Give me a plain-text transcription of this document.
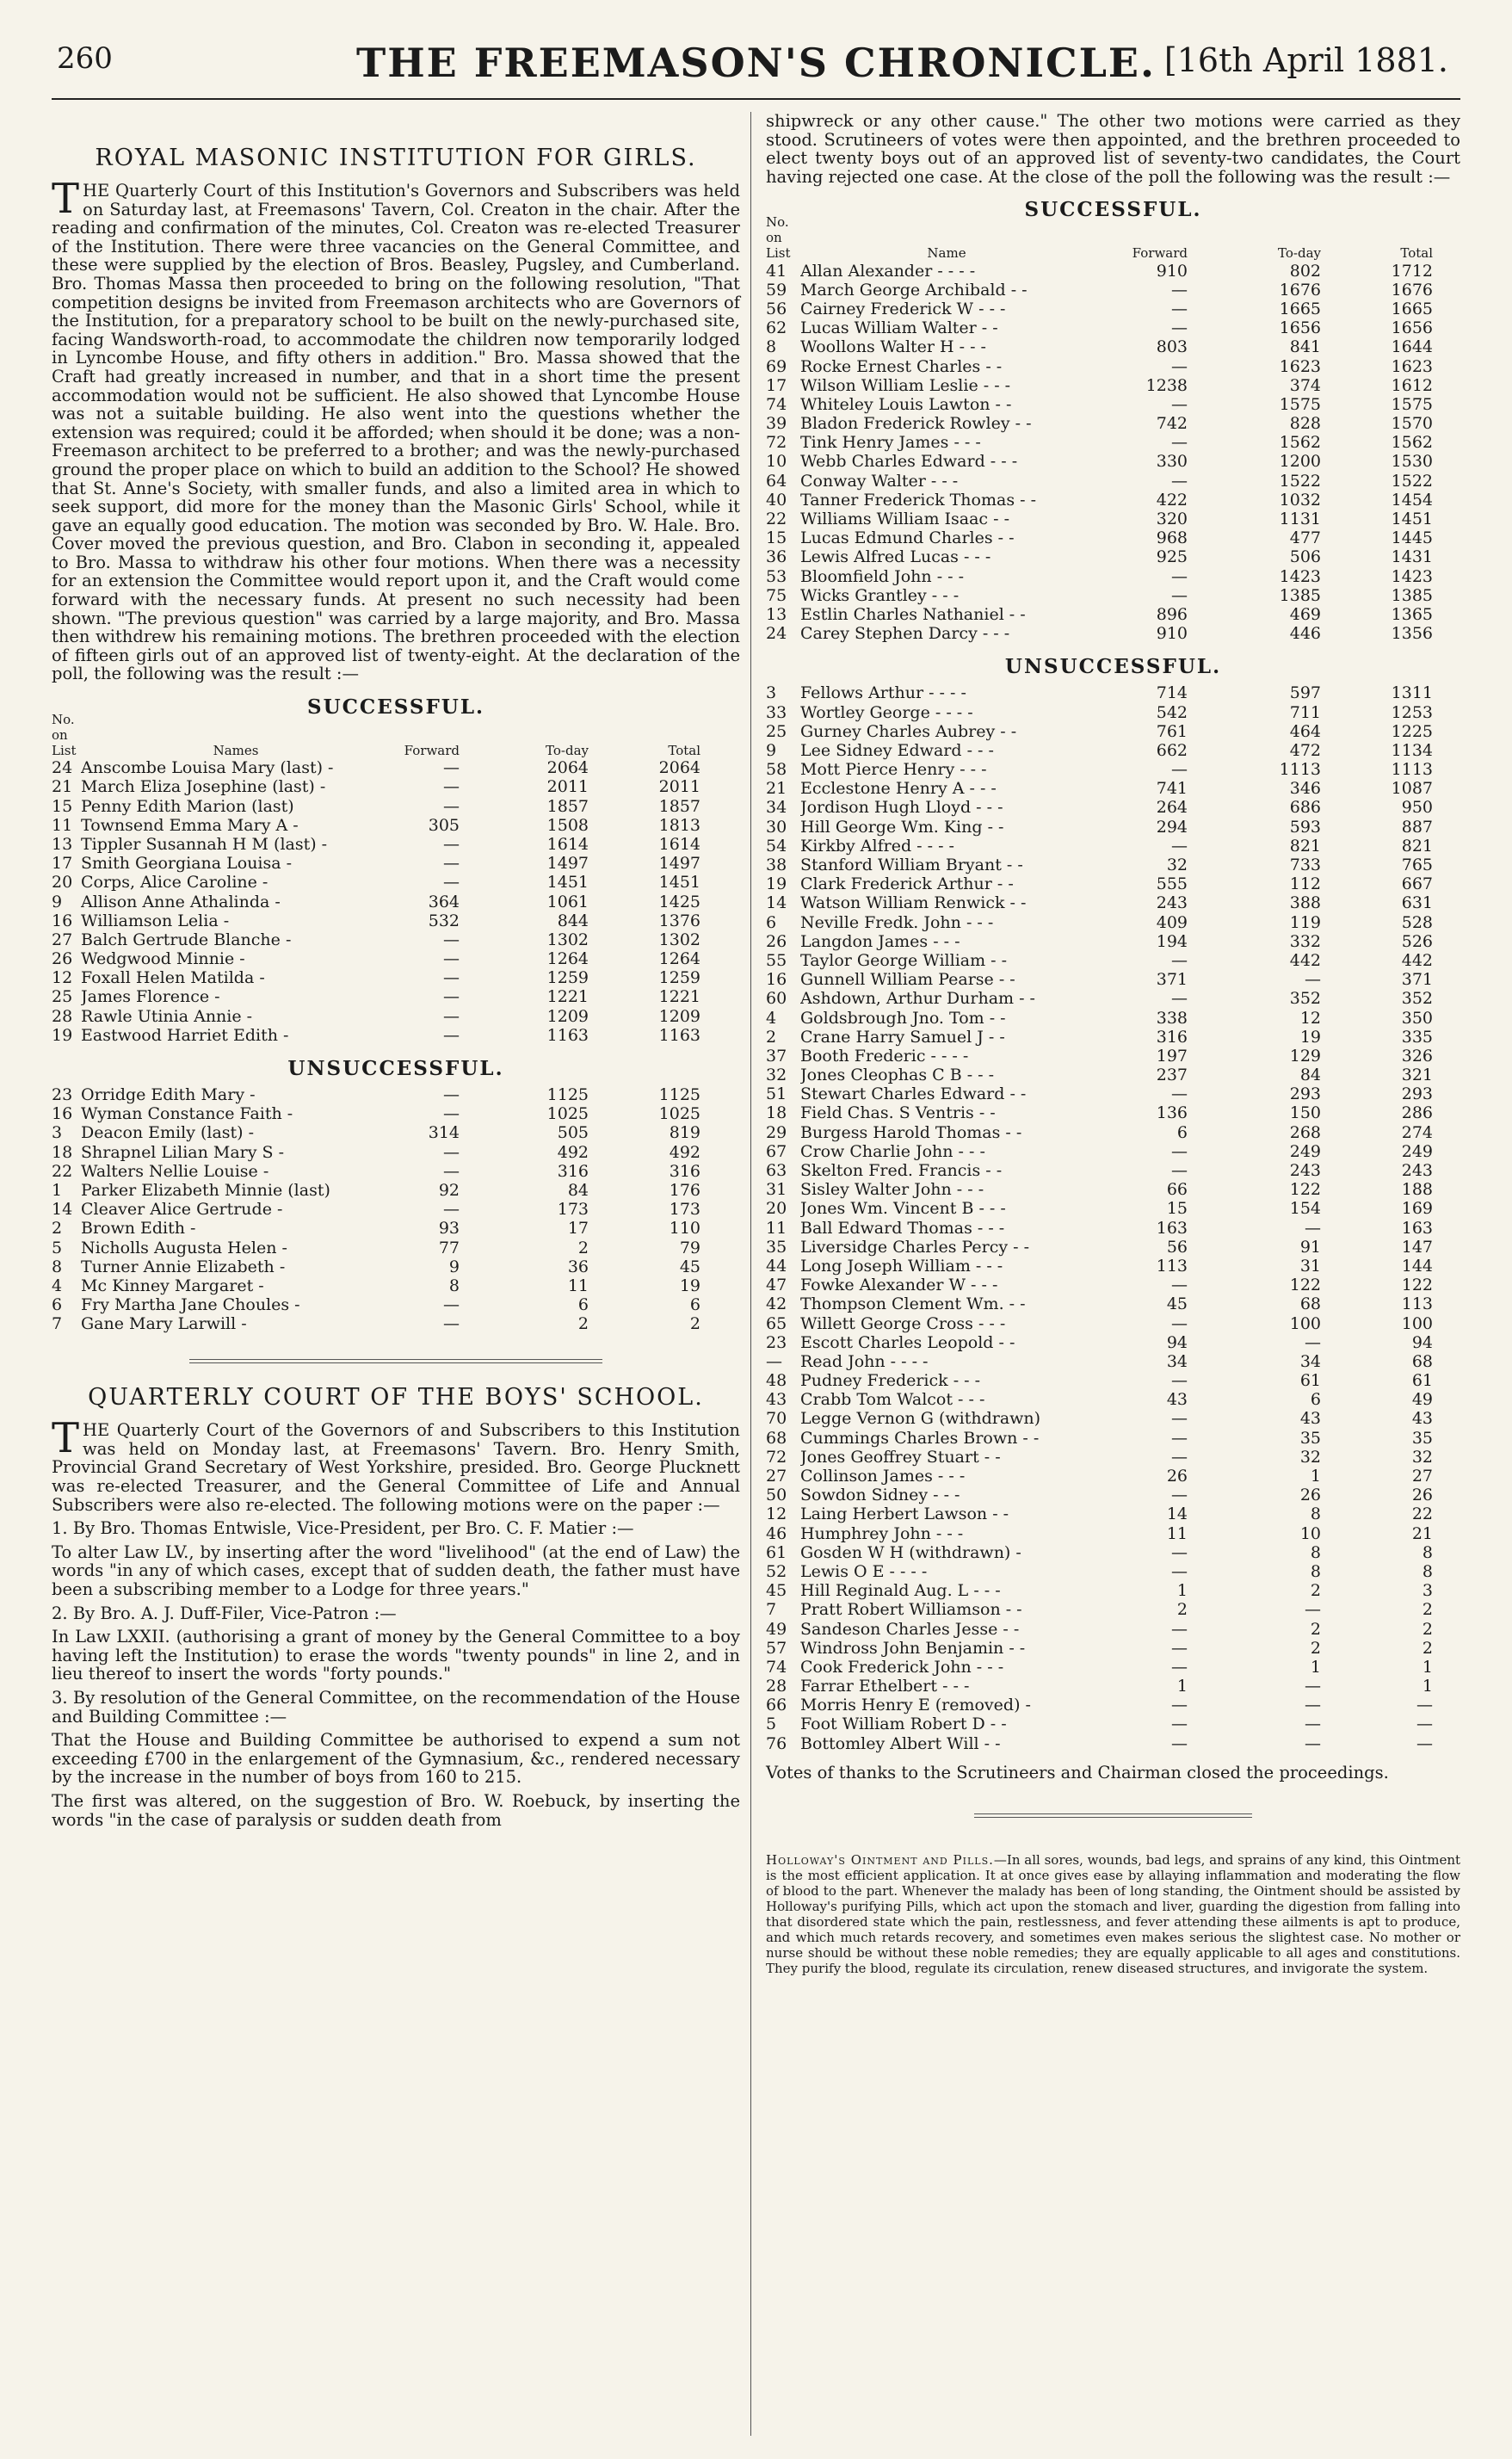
260	THE FREEMASON'S CHRONICLE. [16th April 1881.
ROYAL MASONIC INSTITUTION FOR GIRLS.

THE Quarterly Court of this Institution's Governors and Subscribers was held on Saturday last, at Freemasons' Tavern, Col. Creaton in the chair. After the reading and confirmation of the minutes, Col. Creaton was re-elected Treasurer of the Institution. There were three vacancies on the General Committee, and these were supplied by the election of Bros. Beasley, Pugsley, and Cumberland. Bro. Thomas Massa then proceeded to bring on the following resolution, "That competition designs be invited from Freemason architects who are Governors of the Institution, for a preparatory school to be built on the newly-purchased site, facing Wandsworth-road, to accommodate the children now temporarily lodged in Lyncombe House, and fifty others in addition." Bro. Massa showed that the Craft had greatly increased in number, and that in a short time the present accommodation would not be sufficient. He also showed that Lyncombe House was not a suitable building. He also went into the questions whether the extension was required; could it be afforded; when should it be done; was a non-Freemason architect to be preferred to a brother; and was the newly-purchased ground the proper place on which to build an addition to the School? He showed that St. Anne's Society, with smaller funds, and also a limited area in which to seek support, did more for the money than the Masonic Girls' School, while it gave an equally good education. The motion was seconded by Bro. W. Hale. Bro. Cover moved the previous question, and Bro. Clabon in seconding it, appealed to Bro. Massa to withdraw his other four motions. When there was a necessity for an extension the Committee would report upon it, and the Craft would come forward with the necessary funds. At present no such necessity had been shown. "The previous question" was carried by a large majority, and Bro. Massa then withdrew his remaining motions. The brethren proceeded with the election of fifteen girls out of an approved list of twenty-eight. At the declaration of the poll, the following was the result :—

SUCCESSFUL.
No. on List	Names	Forward	To-day	Total
24 Anscombe Louisa Mary (last) -	—	2064	2064
21 March Eliza Josephine (last) -	—	2011	2011
15 Penny Edith Marion (last)	—	1857	1857
11 Townsend Emma Mary A -	305	1508	1813
13 Tippler Susannah H M (last) -	—	1614	1614
17 Smith Georgiana Louisa -	—	1497	1497
20 Corps, Alice Caroline -	—	1451	1451
9	Allison Anne Athalinda -	364	1061	1425
16 Williamson Lelia -	532	844	1376
27 Balch Gertrude Blanche -	—	1302	1302
26 Wedgwood Minnie -	—	1264	1264
12 Foxall Helen Matilda -	—	1259	1259
25 James Florence -	—	1221	1221
28 Rawle Utinia Annie -	—	1209	1209
19 Eastwood Harriet Edith -	—	1163	1163
UNSUCCESSFUL.
23 Orridge Edith Mary -	—	1125	1125
16 Wyman Constance Faith -	—	1025	1025
3	Deacon Emily (last) -	314	505	819
18 Shrapnel Lilian Mary S -	—	492	492
22 Walters Nellie Louise -	—	316	316
1	Parker Elizabeth Minnie (last)	92	84	176
14 Cleaver Alice Gertrude -	—	173	173
2	Brown Edith -	93	17	110
5	Nicholls Augusta Helen -	77	2	79
8	Turner Annie Elizabeth -	9	36	45
4	Mc Kinney Margaret -	8	11	19
6	Fry Martha Jane Choules -	—	6	6
7	Gane Mary Larwill -	—	2	2
QUARTERLY COURT OF THE BOYS' SCHOOL.

THE Quarterly Court of the Governors of and Subscribers to this Institution was held on Monday last, at Freemasons' Tavern. Bro. Henry Smith, Provincial Grand Secretary of West Yorkshire, presided. Bro. George Plucknett was re-elected Treasurer, and the General Committee of Life and Annual Subscribers were also re-elected. The following motions were on the paper :—

1. By Bro. Thomas Entwisle, Vice-President, per Bro. C. F. Matier :—

To alter Law LV., by inserting after the word "livelihood" (at the end of Law) the words "in any of which cases, except that of sudden death, the father must have been a subscribing member to a Lodge for three years."

2. By Bro. A. J. Duff-Filer, Vice-Patron :—

In Law LXXII. (authorising a grant of money by the General Committee to a boy having left the Institution) to erase the words "twenty pounds" in line 2, and in lieu thereof to insert the words "forty pounds."

3. By resolution of the General Committee, on the recommendation of the House and Building Committee :—

That the House and Building Committee be authorised to expend a sum not exceeding £700 in the enlargement of the Gymnasium, &c., rendered necessary by the increase in the number of boys from 160 to 215.

The first was altered, on the suggestion of Bro. W. Roebuck, by inserting the words "in the case of paralysis or sudden death from

shipwreck or any other cause." The other two motions were carried as they stood. Scrutineers of votes were then appointed, and the brethren proceeded to elect twenty boys out of an approved list of seventy-two candidates, the Court having rejected one case. At the close of the poll the following was the result :—

SUCCESSFUL.
No. on List	Name	Forward	To-day	Total
41 Allan Alexander - - - -	910	802	1712
59 March George Archibald - -	—	1676	1676
56 Cairney Frederick W - - -	—	1665	1665
62 Lucas William Walter - -	—	1656	1656
8	Woollons Walter H - - -	803	841	1644
69 Rocke Ernest Charles - -	—	1623	1623
17 Wilson William Leslie - - -	1238	374	1612
74 Whiteley Louis Lawton - -	—	1575	1575
39 Bladon Frederick Rowley - -	742	828	1570
72 Tink Henry James - - -	—	1562	1562
10 Webb Charles Edward - - -	330	1200	1530
64 Conway Walter - - -	—	1522	1522
40 Tanner Frederick Thomas - -	422	1032	1454
22 Williams William Isaac - -	320	1131	1451
15 Lucas Edmund Charles - -	968	477	1445
36 Lewis Alfred Lucas - - -	925	506	1431
53 Bloomfield John - - -	—	1423	1423
75 Wicks Grantley - - -	—	1385	1385
13 Estlin Charles Nathaniel - -	896	469	1365
24 Carey Stephen Darcy - - -	910	446	1356
UNSUCCESSFUL.
3	Fellows Arthur - - - -	714	597	1311
33 Wortley George - - - -	542	711	1253
25 Gurney Charles Aubrey - -	761	464	1225
9	Lee Sidney Edward - - -	662	472	1134
58 Mott Pierce Henry - - -	—	1113	1113
21 Ecclestone Henry A - - -	741	346	1087
34 Jordison Hugh Lloyd - - -	264	686	950
30 Hill George Wm. King - -	294	593	887
54 Kirkby Alfred - - - -	—	821	821
38 Stanford William Bryant - -	32	733	765
19 Clark Frederick Arthur - -	555	112	667
14 Watson William Renwick - -	243	388	631
6	Neville Fredk. John - - -	409	119	528
26 Langdon James - - -	194	332	526
55 Taylor George William - -	—	442	442
16 Gunnell William Pearse - -	371	—	371
60 Ashdown, Arthur Durham - -	—	352	352
4	Goldsbrough Jno. Tom - -	338	12	350
2	Crane Harry Samuel J - -	316	19	335
37 Booth Frederic - - - -	197	129	326
32 Jones Cleophas C B - - -	237	84	321
51 Stewart Charles Edward - -	—	293	293
18 Field Chas. S Ventris - -	136	150	286
29 Burgess Harold Thomas - -	6	268	274
67 Crow Charlie John - - -	—	249	249
63 Skelton Fred. Francis - -	—	243	243
31 Sisley Walter John - - -	66	122	188
20 Jones Wm. Vincent B - - -	15	154	169
11 Ball Edward Thomas - - -	163	—	163
35 Liversidge Charles Percy - -	56	91	147
44 Long Joseph William - - -	113	31	144
47 Fowke Alexander W - - -	—	122	122
42 Thompson Clement Wm. - -	45	68	113
65 Willett George Cross - - -	—	100	100
23 Escott Charles Leopold - -	94	—	94
—	Read John - - - -	34	34	68
48 Pudney Frederick - - -	—	61	61
43 Crabb Tom Walcot - - -	43	6	49
70 Legge Vernon G (withdrawn)	—	43	43
68 Cummings Charles Brown - -	—	35	35
72 Jones Geoffrey Stuart - -	—	32	32
27 Collinson James - - -	26	1	27
50 Sowdon Sidney - - -	—	26	26
12 Laing Herbert Lawson - -	14	8	22
46 Humphrey John - - -	11	10	21
61 Gosden W H (withdrawn) -	—	8	8
52 Lewis O E - - - -	—	8	8
45 Hill Reginald Aug. L - - -	1	2	3
7	Pratt Robert Williamson - -	2	—	2
49 Sandeson Charles Jesse - -	—	2	2
57 Windross John Benjamin - -	—	2	2
74 Cook Frederick John - - -	—	1	1
28 Farrar Ethelbert - - -	1	—	1
66 Morris Henry E (removed) -	—	—	—
5	Foot William Robert D - -	—	—	—
76 Bottomley Albert Will - -	—	—	—

Votes of thanks to the Scrutineers and Chairman closed the proceedings.

Holloway's Ointment and Pills.—In all sores, wounds, bad legs, and sprains of any kind, this Ointment is the most efficient application. It at once gives ease by allaying inflammation and moderating the flow of blood to the part. Whenever the malady has been of long standing, the Ointment should be assisted by Holloway's purifying Pills, which act upon the stomach and liver, guarding the digestion from falling into that disordered state which the pain, restlessness, and fever attending these ailments is apt to produce, and which much retards recovery, and sometimes even makes serious the slightest case. No mother or nurse should be without these noble remedies; they are equally applicable to all ages and constitutions. They purify the blood, regulate its circulation, renew diseased structures, and invigorate the system.
